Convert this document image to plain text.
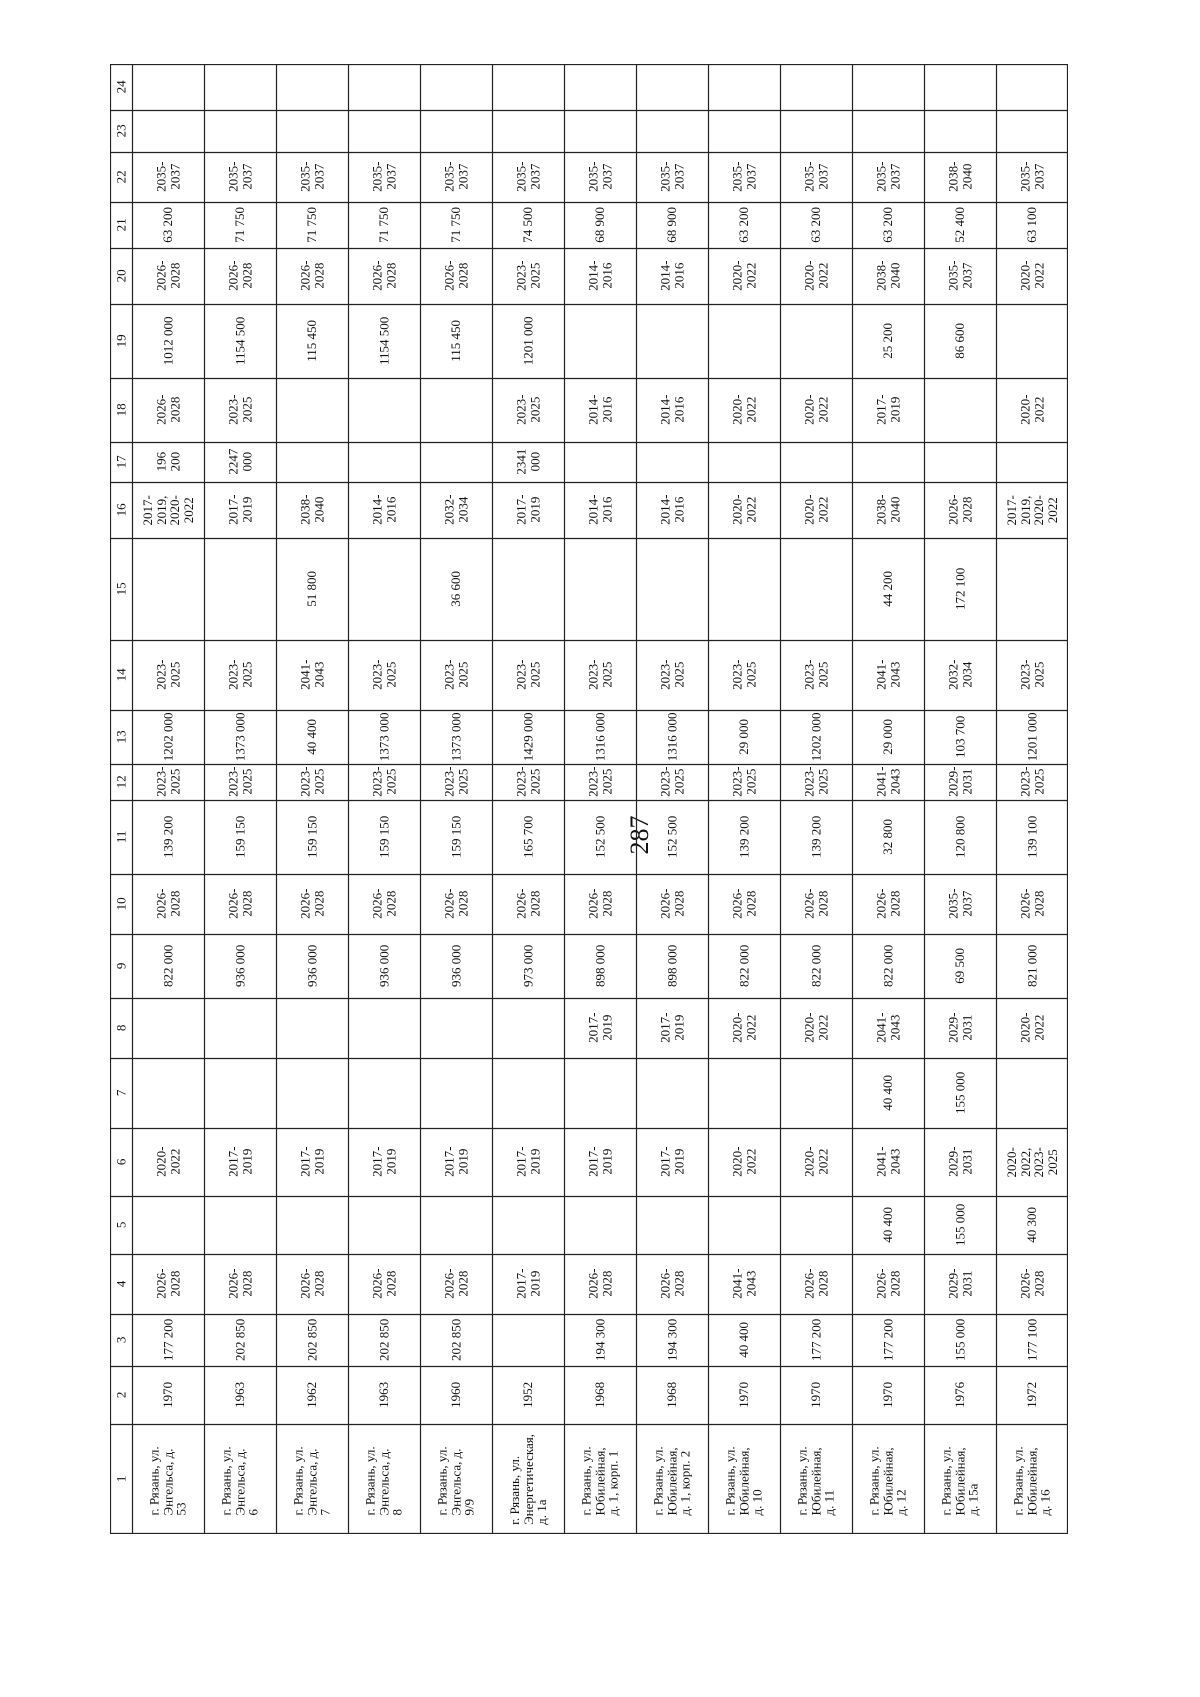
287
1
2
3
4
5
6
7
8
9
10
11
12
13
14
15
16
17
18
19
20
21
22
23
24
г. Рязань, ул. Энгельса, д. 53
1970
177 200
2026-
2028
2020-
2022
822 000
2026-
2028
139 200
2023-
2025
1202 000
2023-
2025
2017-
2019,
2020-
2022
196 200
2026-
2028
1012 000
2026-
2028
63 200
2035-
2037
г. Рязань, ул. Энгельса, д. 6
1963
202 850
2026-
2028
2017-
2019
936 000
2026-
2028
159 150
2023-
2025
1373 000
2023-
2025
2017-
2019
2247 000
2023-
2025
1154 500
2026-
2028
71 750
2035-
2037
г. Рязань, ул. Энгельса, д. 7
1962
202 850
2026-
2028
2017-
2019
936 000
2026-
2028
159 150
2023-
2025
40 400
2041-
2043
51 800
2038-
2040
115 450
2026-
2028
71 750
2035-
2037
г. Рязань, ул. Энгельса, д. 8
1963
202 850
2026-
2028
2017-
2019
936 000
2026-
2028
159 150
2023-
2025
1373 000
2023-
2025
2014-
2016
1154 500
2026-
2028
71 750
2035-
2037
г. Рязань, ул. Энгельса, д. 9/9
1960
202 850
2026-
2028
2017-
2019
936 000
2026-
2028
159 150
2023-
2025
1373 000
2023-
2025
36 600
2032-
2034
115 450
2026-
2028
71 750
2035-
2037
г. Рязань, ул.
Энергетическая, д. 1а
1952
2017-
2019
2017-
2019
973 000
2026-
2028
165 700
2023-
2025
1429 000
2023-
2025
2017-
2019
2341 000
2023-
2025
1201 000
2023-
2025
74 500
2035-
2037
г. Рязань, ул. Юбилейная,
д. 1, корп. 1
1968
194 300
2026-
2028
2017-
2019
2017-
2019
898 000
2026-
2028
152 500
2023-
2025
1316 000
2023-
2025
2014-
2016
2014-
2016
2014-
2016
68 900
2035-
2037
г. Рязань, ул. Юбилейная,
д. 1, корп. 2
1968
194 300
2026-
2028
2017-
2019
2017-
2019
898 000
2026-
2028
152 500
2023-
2025
1316 000
2023-
2025
2014-
2016
2014-
2016
2014-
2016
68 900
2035-
2037
г. Рязань, ул. Юбилейная,
д. 10
1970
40 400
2041-
2043
2020-
2022
2020-
2022
822 000
2026-
2028
139 200
2023-
2025
29 000
2023-
2025
2020-
2022
2020-
2022
2020-
2022
63 200
2035-
2037
г. Рязань, ул. Юбилейная,
д. 11
1970
177 200
2026-
2028
2020-
2022
2020-
2022
822 000
2026-
2028
139 200
2023-
2025
1202 000
2023-
2025
2020-
2022
2020-
2022
2020-
2022
63 200
2035-
2037
г. Рязань, ул. Юбилейная,
д. 12
1970
177 200
2026-
2028
40 400
2041-
2043
40 400
2041-
2043
822 000
2026-
2028
32 800
2041-
2043
29 000
2041-
2043
44 200
2038-
2040
2017-
2019
25 200
2038-
2040
63 200
2035-
2037
г. Рязань, ул. Юбилейная,
д. 15а
1976
155 000
2029-
2031
155 000
2029-
2031
155 000
2029-
2031
69 500
2035-
2037
120 800
2029-
2031
103 700
2032-
2034
172 100
2026-
2028
86 600
2035-
2037
52 400
2038-
2040
г. Рязань, ул. Юбилейная,
д. 16
1972
177 100
2026-
2028
40 300
2020-
2022,
2023-
2025
2020-
2022
821 000
2026-
2028
139 100
2023-
2025
1201 000
2023-
2025
2017-
2019,
2020-
2022
2020-
2022
2020-
2022
63 100
2035-
2037
